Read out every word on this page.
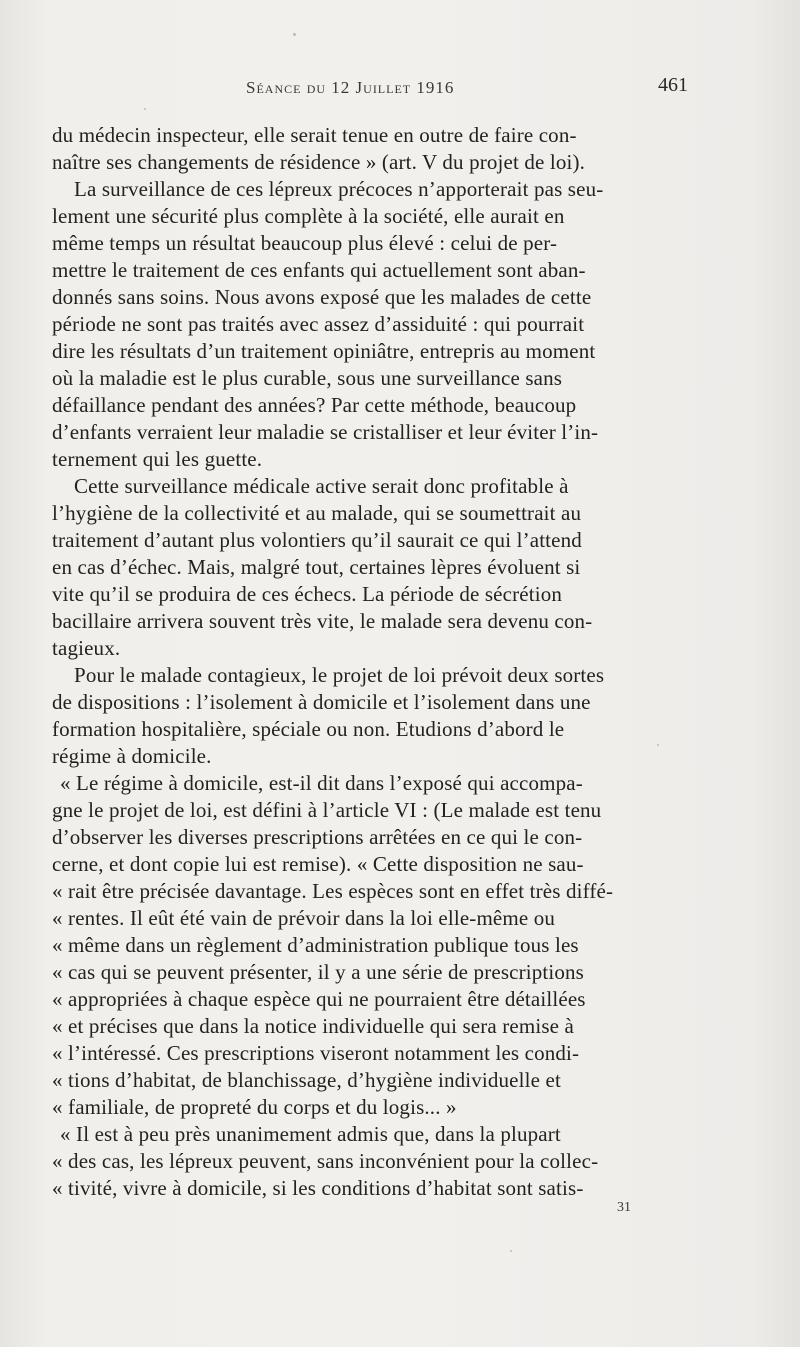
Séance du 12 Juillet 1916	461
du médecin inspecteur, elle serait tenue en outre de faire con-
naître ses changements de résidence » (art. V du projet de loi).
La surveillance de ces lépreux précoces n’apporterait pas seu-
lement une sécurité plus complète à la société, elle aurait en
même temps un résultat beaucoup plus élevé : celui de per-
mettre le traitement de ces enfants qui actuellement sont aban-
donnés sans soins. Nous avons exposé que les malades de cette
période ne sont pas traités avec assez d’assiduité : qui pourrait
dire les résultats d’un traitement opiniâtre, entrepris au moment
où la maladie est le plus curable, sous une surveillance sans
défaillance pendant des années? Par cette méthode, beaucoup
d’enfants verraient leur maladie se cristalliser et leur éviter l’in-
ternement qui les guette.
Cette surveillance médicale active serait donc profitable à
l’hygiène de la collectivité et au malade, qui se soumettrait au
traitement d’autant plus volontiers qu’il saurait ce qui l’attend
en cas d’échec. Mais, malgré tout, certaines lèpres évoluent si
vite qu’il se produira de ces échecs. La période de sécrétion
bacillaire arrivera souvent très vite, le malade sera devenu con-
tagieux.
Pour le malade contagieux, le projet de loi prévoit deux sortes
de dispositions : l’isolement à domicile et l’isolement dans une
formation hospitalière, spéciale ou non. Etudions d’abord le
régime à domicile.
« Le régime à domicile, est-il dit dans l’exposé qui accompa-
gne le projet de loi, est défini à l’article VI : (Le malade est tenu
d’observer les diverses prescriptions arrêtées en ce qui le con-
cerne, et dont copie lui est remise). « Cette disposition ne sau-
« rait être précisée davantage. Les espèces sont en effet très diffé-
« rentes. Il eût été vain de prévoir dans la loi elle-même ou
« même dans un règlement d’administration publique tous les
« cas qui se peuvent présenter, il y a une série de prescriptions
« appropriées à chaque espèce qui ne pourraient être détaillées
« et précises que dans la notice individuelle qui sera remise à
« l’intéressé. Ces prescriptions viseront notamment les condi-
« tions d’habitat, de blanchissage, d’hygiène individuelle et
« familiale, de propreté du corps et du logis... »
« Il est à peu près unanimement admis que, dans la plupart
« des cas, les lépreux peuvent, sans inconvénient pour la collec-
« tivité, vivre à domicile, si les conditions d’habitat sont satis-
31
